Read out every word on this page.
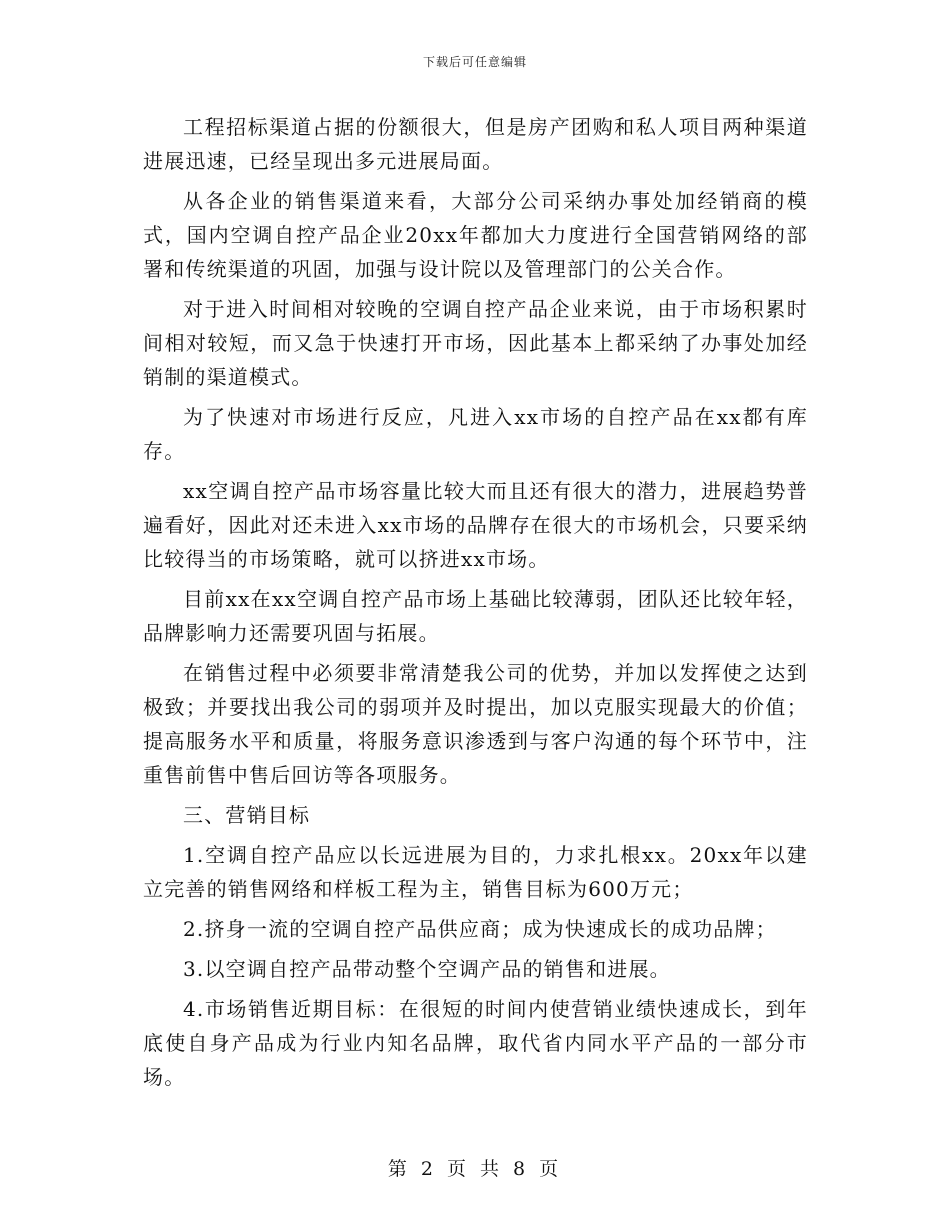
下载后可任意编辑

工程招标渠道占据的份额很大，但是房产团购和私人项目两种渠道进展迅速，已经呈现出多元进展局面。

从各企业的销售渠道来看，大部分公司采纳办事处加经销商的模式，国内空调自控产品企业20xx年都加大力度进行全国营销网络的部署和传统渠道的巩固，加强与设计院以及管理部门的公关合作。

对于进入时间相对较晚的空调自控产品企业来说，由于市场积累时间相对较短，而又急于快速打开市场，因此基本上都采纳了办事处加经销制的渠道模式。

为了快速对市场进行反应，凡进入xx市场的自控产品在xx都有库存。

xx空调自控产品市场容量比较大而且还有很大的潜力，进展趋势普遍看好，因此对还未进入xx市场的品牌存在很大的市场机会，只要采纳比较得当的市场策略，就可以挤进xx市场。

目前xx在xx空调自控产品市场上基础比较薄弱，团队还比较年轻，品牌影响力还需要巩固与拓展。

在销售过程中必须要非常清楚我公司的优势，并加以发挥使之达到极致；并要找出我公司的弱项并及时提出，加以克服实现最大的价值；提高服务水平和质量，将服务意识渗透到与客户沟通的每个环节中，注重售前售中售后回访等各项服务。

三、营销目标

1.空调自控产品应以长远进展为目的，力求扎根xx。20xx年以建立完善的销售网络和样板工程为主，销售目标为600万元；

2.挤身一流的空调自控产品供应商；成为快速成长的成功品牌；

3.以空调自控产品带动整个空调产品的销售和进展。

4.市场销售近期目标：在很短的时间内使营销业绩快速成长，到年底使自身产品成为行业内知名品牌，取代省内同水平产品的一部分市场。

第 2 页 共 8 页
